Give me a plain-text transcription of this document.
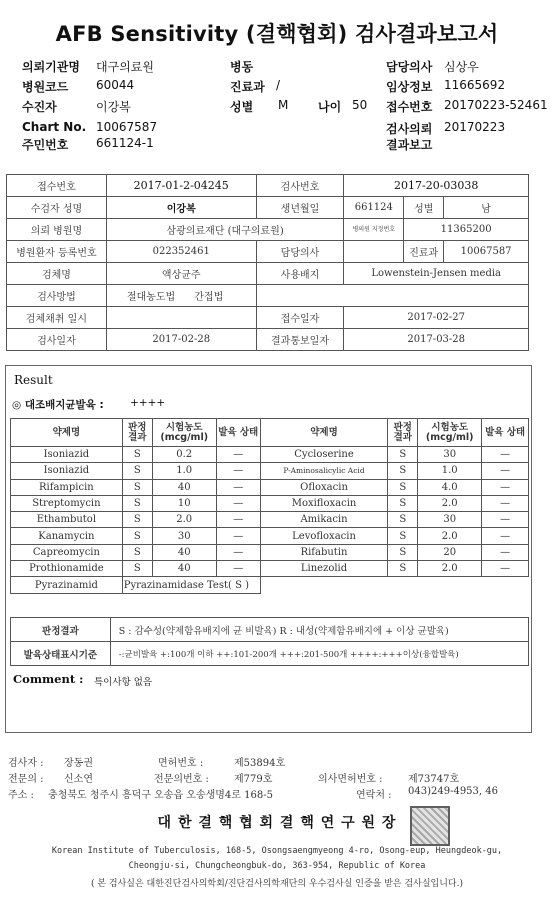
AFB Sensitivity (결핵협회) 검사결과보고서
의뢰기관명 대구의료원	병동	담당의사 심상우
병원코드 60044	진료과 /	임상정보 11665692
수진자	이강복	성별 M 나이 50 접수번호 20170223-52461
Chart No. 10067587	검사의뢰 20170223
주민번호 661124-1	결과보고
접수번호	2017-01-2-04245	검사번호	2017-20-03038		
수검자 성명	이강복	생년월일	661124	성별	남
의뢰 병원명	삼광의료재단 (대구의료원)		병의원 지정번호	11365200	
병원환자 등록번호	022352461	담당의사		진료과	10067587
검체명	액상균주	사용배지	Lowenstein-Jensen media		
검사방법	절대농도법 간접법				
검체채취 일시		접수일자	2017-02-27		
검사일자	2017-02-28	결과통보일자	2017-03-28		
Result
◎ 대조배지균발육 :	++++
약제명	판정 결과	시험농도 (mcg/ml)	발육 상태	약제명	판정 결과	시험농도 (mcg/ml)	발육 상태
Isoniazid	S	0.2	—	Cycloserine	S	30	—
Isoniazid	S	1.0	—	P-Aminosalicylic Acid	S	1.0	—
Rifampicin	S	40	—	Ofloxacin	S	4.0	—
Streptomycin	S	10	—	Moxifloxacin	S	2.0	—
Ethambutol	S	2.0	—	Amikacin	S	30	—
Kanamycin	S	30	—	Levofloxacin	S	2.0	—
Capreomycin	S	40	—	Rifabutin	S	20	—
Prothionamide	S	40	—	Linezolid	S	2.0	—
Pyrazinamid	Pyrazinamidase Test( S )						
판정결과	S : 감수성(약제함유배지에 균 비발육) R : 내성(약제함유배지에 + 이상 균발육)
발육상태표시기준	-:균비발육 +:100개 이하 ++:101-200개 +++:201-500개 ++++:+++이상(융합발육)
Comment : 특이사항 없음
검사자 : 장동권	면허번호 :	제53894호
전문의 : 신소연	전문의번호 :	제779호	의사면허번호 :	제73747호
주소 : 충청북도 청주시 흥덕구 오송읍 오송생명4로 168-5	연락처 : 043)249-4953, 46
대 한 결 핵 협 회 결 핵 연 구 원 장
Korean Institute of Tuberculosis, 168-5, Osongsaengmyeong 4-ro, Osong-eup, Heungdeok-gu,
Cheongju-si, Chungcheongbuk-do, 363-954, Republic of Korea
( 본 검사실은 대한진단검사의학회/진단검사의학재단의 우수검사실 인증을 받은 검사실입니다.)
